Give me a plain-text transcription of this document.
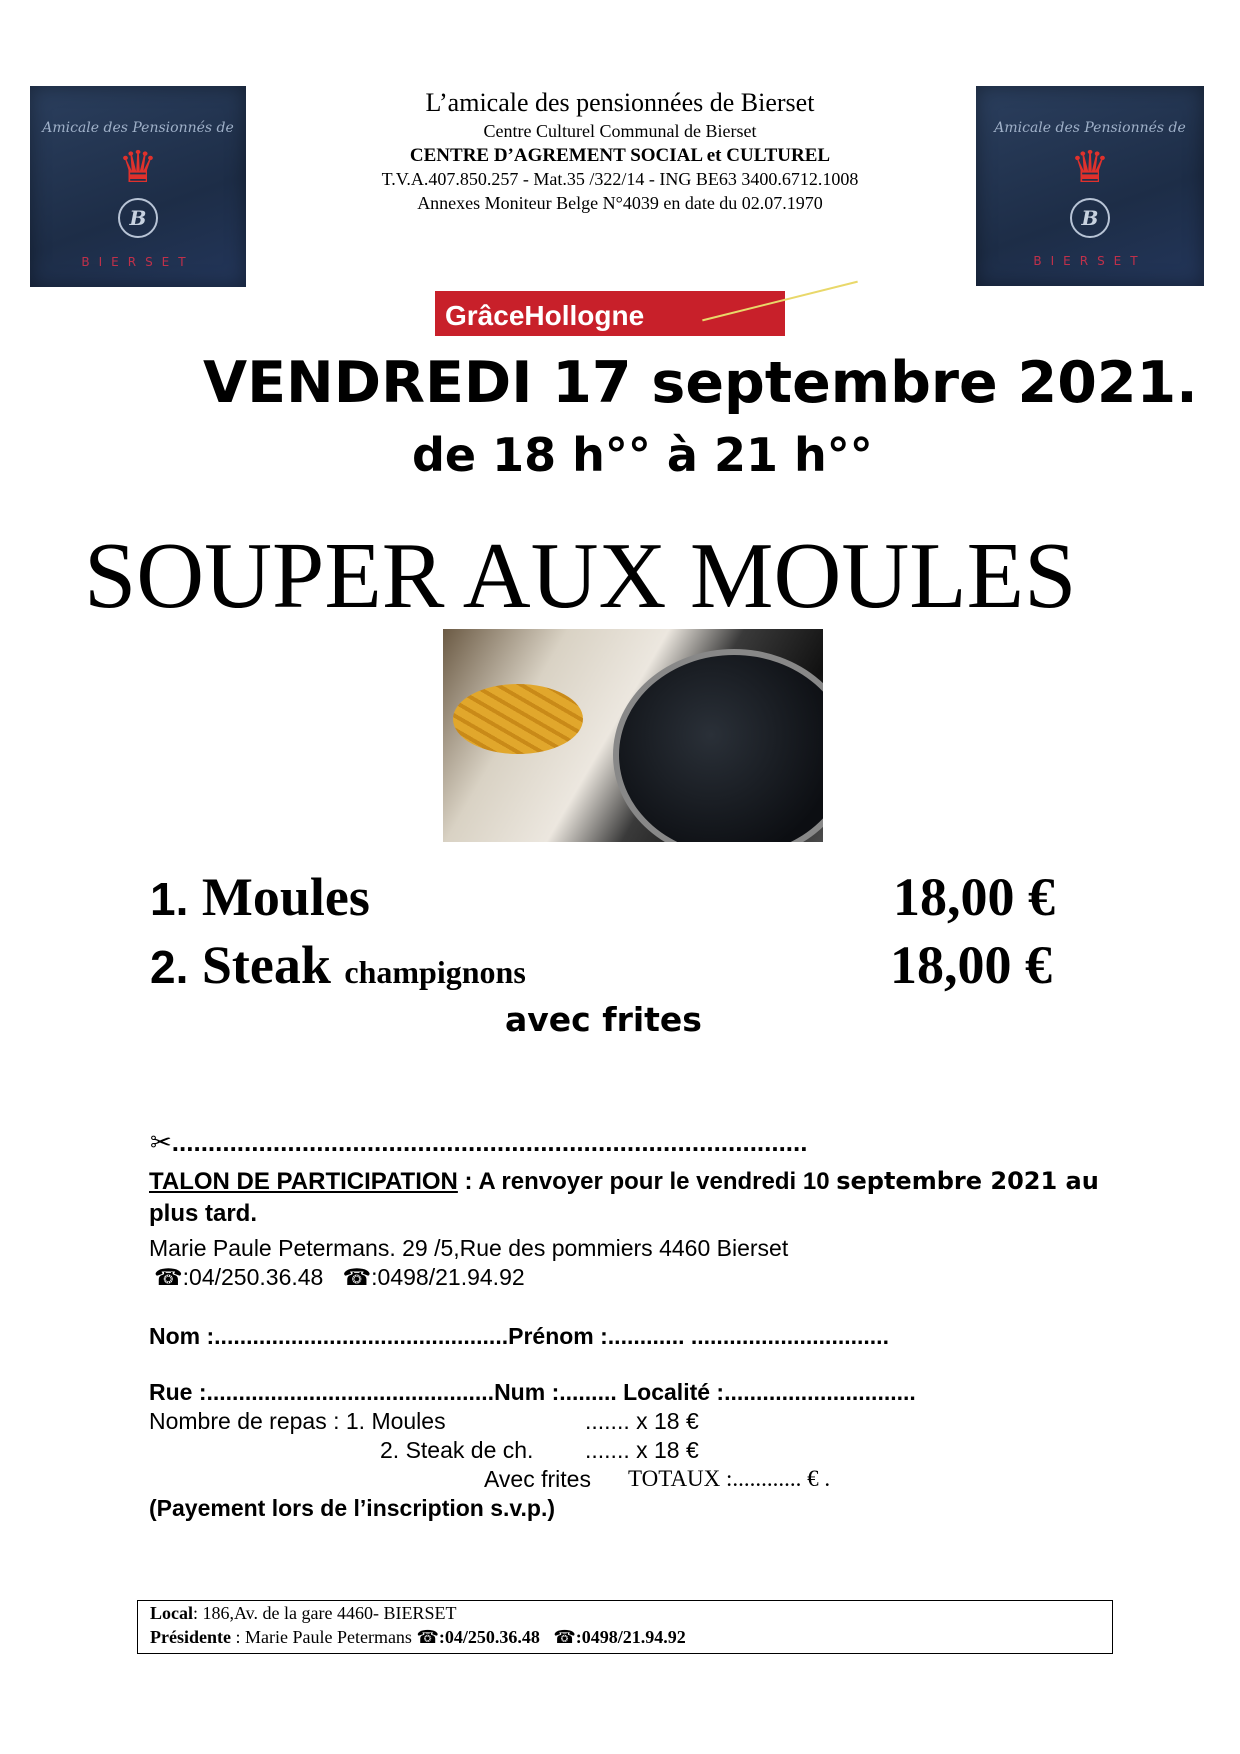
Amicale des Pensionnés de
♛
B
BIERSET
Amicale des Pensionnés de
♛
B
BIERSET
L’amicale des pensionnées de Bierset
Centre Culturel Communal de Bierset
CENTRE D’AGREMENT SOCIAL et CULTUREL
T.V.A.407.850.257 - Mat.35 /322/14 - ING BE63 3400.6712.1008
Annexes Moniteur Belge N°4039 en date du 02.07.1970
GrâceHollogne
VENDREDI 17 septembre 2021.
de 18 h°° à 21 h°°
SOUPER AUX MOULES
1. Moules	18,00 €
2. Steak champignons	18,00 €
avec frites
✂........................................................................................
TALON DE PARTICIPATION : A renvoyer pour le vendredi 10 septembre 2021 au
plus tard.
Marie Paule Petermans. 29 /5,Rue des pommiers 4460 Bierset
☎:04/250.36.48 ☎:0498/21.94.92
Nom :..............................................Prénom :............ ...............................
Rue :.............................................Num :......... Localité :..............................
Nombre de repas : 1. Moules	....... x 18 €
2. Steak de ch. ....... x 18 €
Avec frites TOTAUX :............ € .
(Payement lors de l’inscription s.v.p.)
Local: 186,Av. de la gare 4460- BIERSET
Présidente : Marie Paule Petermans ☎:04/250.36.48 ☎:0498/21.94.92
